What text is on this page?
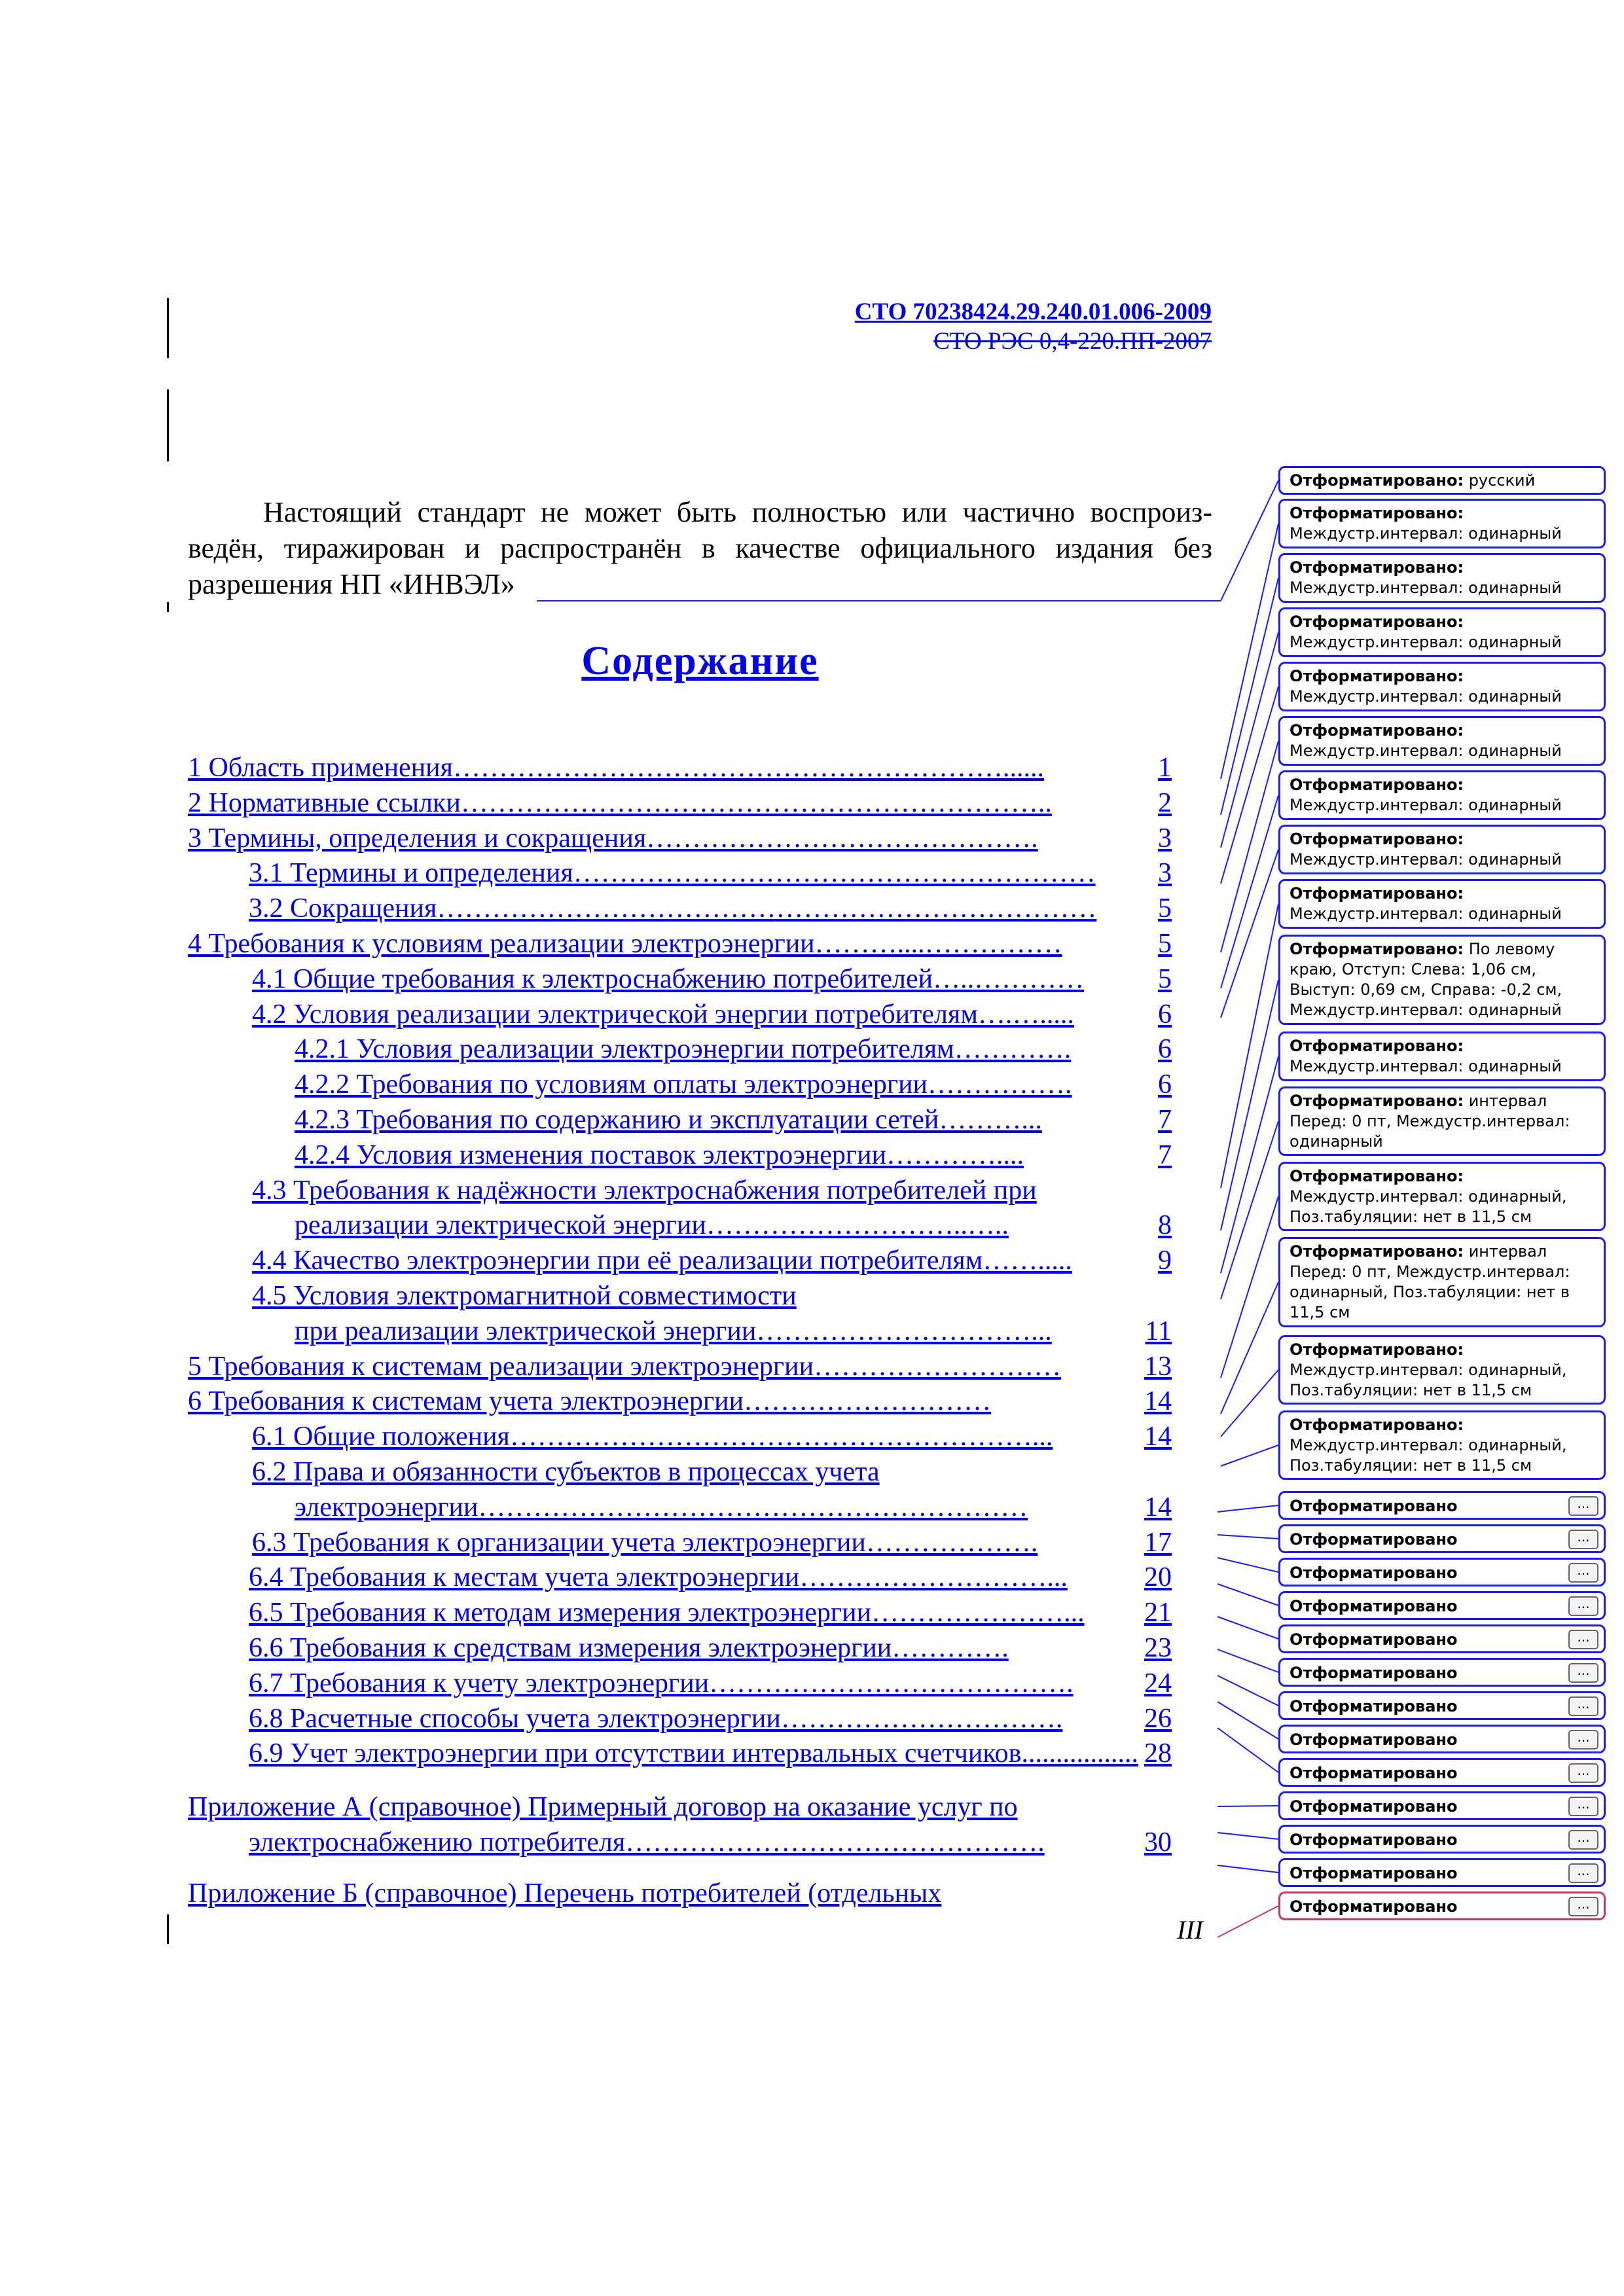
СТО 70238424.29.240.01.006-2009
СТО РЭС 0,4-220.ПП-2007

Настоящий стандарт не может быть полностью или частично воспроиз- ведён, тиражирован и распространён в качестве официального издания без разрешения НП «ИНВЭЛ»

Содержание
1 Область применения……………………………………………………......	1
2 Нормативные ссылки………………………………………………………..	2
3 Термины, определения и сокращения…………………………………….	3
3.1 Термины и определения…………………………………………………	3
3.2 Сокращения………………………………………………………………	5
4 Требования к условиям реализации электроэнергии………....……………	5
4.1 Общие требования к электроснабжению потребителей…..…………	5
4.2 Условия реализации электрической энергии потребителям….….....	6
4.2.1 Условия реализации электроэнергии потребителям………….	6
4.2.2 Требования по условиям оплаты электроэнергии…………….	6
4.2.3 Требования по содержанию и эксплуатации сетей………...	7
4.2.4 Условия изменения поставок электроэнергии…………....	7
4.3 Требования к надёжности электроснабжения потребителей при
реализации электрической энергии………………………..…..	8
4.4 Качество электроэнергии при её реализации потребителям…….....	9
4.5 Условия электромагнитной совместимости
при реализации электрической энергии…………………………...	11
5 Требования к системам реализации электроэнергии………………………	13
6 Требования к системам учета электроэнергии………………………	14
6.1 Общие положения…………………………………………………...	14
6.2 Права и обязанности субъектов в процессах учета
электроэнергии……………………………………………………	14
6.3 Требования к организации учета электроэнергии……………….	17
6.4 Требования к местам учета электроэнергии………………………...	20
6.5 Требования к методам измерения электроэнергии…………………...	21
6.6 Требования к средствам измерения электроэнергии………….	23
6.7 Требования к учету электроэнергии………………………………….	24
6.8 Расчетные способы учета электроэнергии………………………….	26
6.9 Учет электроэнергии при отсутствии интервальных счетчиков................. 28
Приложение А (справочное) Примерный договор на оказание услуг по
электроснабжению потребителя……………………………………….	30
Приложение Б (справочное) Перечень потребителей (отдельных
III
Отформатировано: русский
Отформатировано: Междустр.интервал: одинарный
Отформатировано: Междустр.интервал: одинарный
Отформатировано: Междустр.интервал: одинарный
Отформатировано: Междустр.интервал: одинарный
Отформатировано: Междустр.интервал: одинарный
Отформатировано: Междустр.интервал: одинарный
Отформатировано: Междустр.интервал: одинарный
Отформатировано: Междустр.интервал: одинарный
Отформатировано: По левому краю, Отступ: Слева: 1,06 см, Выступ: 0,69 см, Справа: -0,2 см, Междустр.интервал: одинарный
Отформатировано: Междустр.интервал: одинарный
Отформатировано: интервал Перед: 0 пт, Междустр.интервал: одинарный
Отформатировано: Междустр.интервал: одинарный, Поз.табуляции: нет в 11,5 см
Отформатировано: интервал Перед: 0 пт, Междустр.интервал: одинарный, Поз.табуляции: нет в 11,5 см
Отформатировано: Междустр.интервал: одинарный, Поз.табуляции: нет в 11,5 см
Отформатировано: Междустр.интервал: одинарный, Поз.табуляции: нет в 11,5 см
Отформатировано	...
Отформатировано	...
Отформатировано	...
Отформатировано	...
Отформатировано	...
Отформатировано	...
Отформатировано	...
Отформатировано	...
Отформатировано	...
Отформатировано	...
Отформатировано	...
Отформатировано	...
Отформатировано	...
